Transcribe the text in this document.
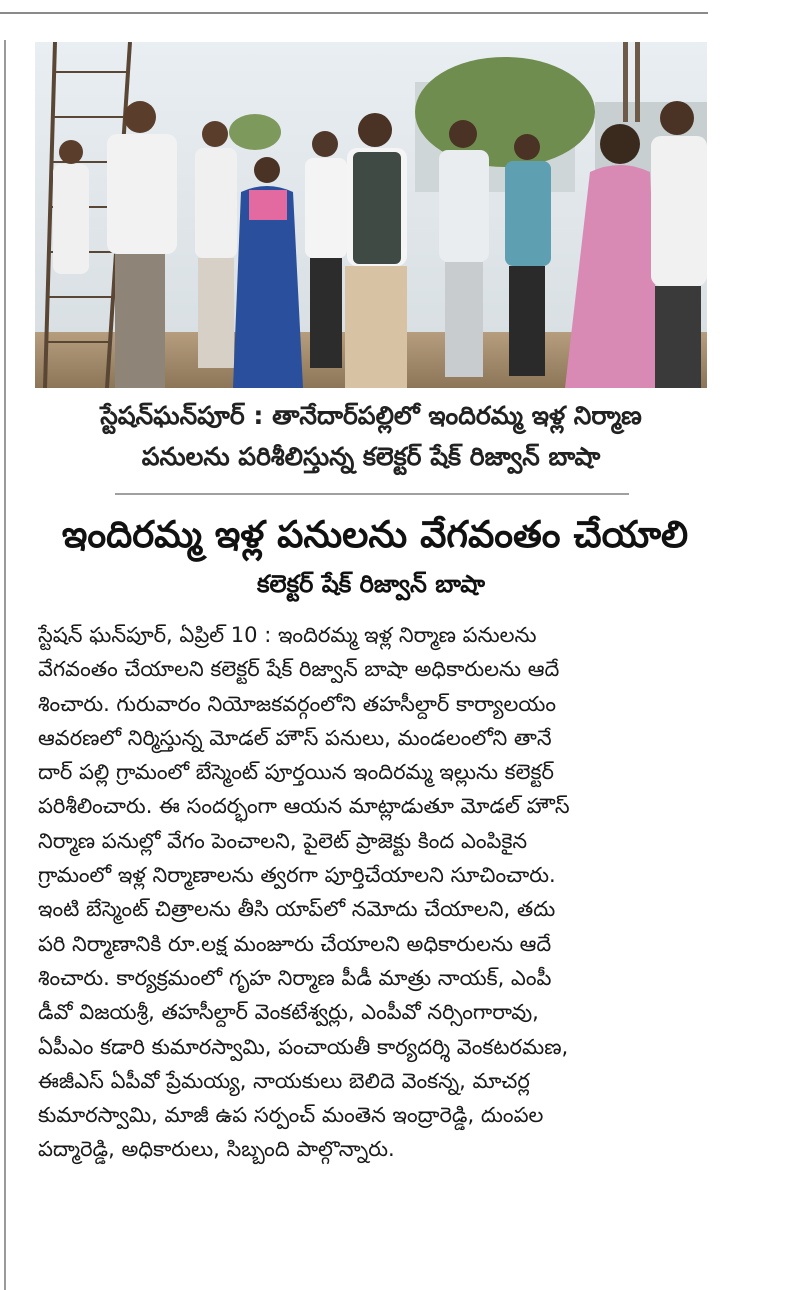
స్టేషన్‌ఘన్‌పూర్ : తానేదార్‌పల్లిలో ఇందిరమ్మ ఇళ్ల నిర్మాణ
పనులను పరిశీలిస్తున్న కలెక్టర్ షేక్ రిజ్వాన్ బాషా
ఇందిరమ్మ ఇళ్ల పనులను వేగవంతం చేయాలి
కలెక్టర్ షేక్ రిజ్వాన్ బాషా
స్టేషన్ ఘన్‌పూర్, ఏప్రిల్ 10 : ఇందిరమ్మ ఇళ్ల నిర్మాణ పనులను
వేగవంతం చేయాలని కలెక్టర్ షేక్ రిజ్వాన్ బాషా అధికారులను ఆదే
శించారు. గురువారం నియోజకవర్గంలోని తహసీల్దార్ కార్యాలయం
ఆవరణలో నిర్మిస్తున్న మోడల్ హౌస్ పనులు, మండలంలోని తానే
దార్ పల్లి గ్రామంలో బేస్మెంట్ పూర్తయిన ఇందిరమ్మ ఇల్లును కలెక్టర్
పరిశీలించారు. ఈ సందర్భంగా ఆయన మాట్లాడుతూ మోడల్ హౌస్
నిర్మాణ పనుల్లో వేగం పెంచాలని, పైలెట్ ప్రాజెక్టు కింద ఎంపికైన
గ్రామంలో ఇళ్ల నిర్మాణాలను త్వరగా పూర్తిచేయాలని సూచించారు.
ఇంటి బేస్మెంట్ చిత్రాలను తీసి యాప్‌లో నమోదు చేయాలని, తదు
పరి నిర్మాణానికి రూ.లక్ష మంజూరు చేయాలని అధికారులను ఆదే
శించారు. కార్యక్రమంలో గృహ నిర్మాణ పీడీ మాత్రు నాయక్, ఎంపీ
డీవో విజయశ్రీ, తహసీల్దార్ వెంకటేశ్వర్లు, ఎంపీవో నర్సింగారావు,
ఏపీఎం కడారి కుమారస్వామి, పంచాయతీ కార్యదర్శి వెంకటరమణ,
ఈజీఎస్ ఏపీవో ప్రేమయ్య, నాయకులు బెలిదె వెంకన్న, మాచర్ల
కుమారస్వామి, మాజీ ఉప సర్పంచ్ మంతెన ఇంద్రారెడ్డి, దుంపల
పద్మారెడ్డి, అధికారులు, సిబ్బంది పాల్గొన్నారు.
